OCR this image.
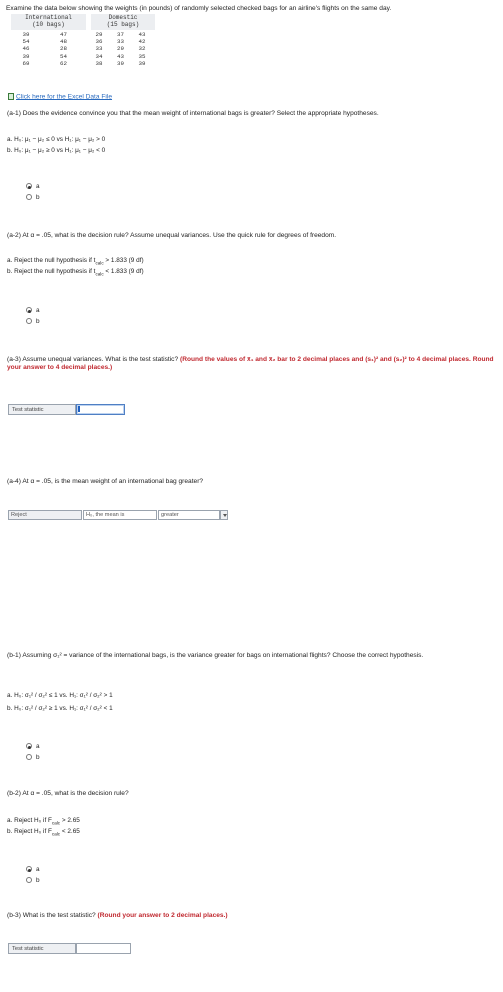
Examine the data below showing the weights (in pounds) of randomly selected checked bags for an airline's flights on the same day.
International
(10 bags)
Domestic
(15 bags)
39	47	29	37	43
54	48	36	33	42
46	28	33	29	32
39	54	34	43	35
69	62	38	39	39
Click here for the Excel Data File
(a-1) Does the evidence convince you that the mean weight of international bags is greater? Select the appropriate hypotheses.
a. H₀: μ₁ − μ₂ ≤ 0 vs H₁: μ₁ − μ₂ > 0
b. H₀: μ₁ − μ₂ ≥ 0 vs H₁: μ₁ − μ₂ < 0
a
b
(a-2) At α = .05, what is the decision rule? Assume unequal variances. Use the quick rule for degrees of freedom.
a. Reject the null hypothesis if $t_{calc} > 1.833$ (9 df)
b. Reject the null hypothesis if $t_{calc} < 1.833$ (9 df)
a
b
(a-3) Assume unequal variances. What is the test statistic? (Round the values of x̄₁ and x̄₂ bar to 2 decimal places and (s₁)² and (s₂)² to 4 decimal places. Round your answer to 4 decimal places.)
Test statistic
(a-4) At α = .05, is the mean weight of an international bag greater?
Reject	H₀, the mean is	greater
(b-1) Assuming σ₁² = variance of the international bags, is the variance greater for bags on international flights? Choose the correct hypothesis.
a. H₀: σ₁² / σ₂² ≤ 1 vs. H₁: σ₁² / σ₂² > 1
b. H₀: σ₁² / σ₂² ≥ 1 vs. H₁: σ₁² / σ₂² < 1
a
b
(b-2) At α = .05, what is the decision rule?
a. Reject H₀ if $F_{calc} > 2.65$
b. Reject H₀ if $F_{calc} < 2.65$
a
b
(b-3) What is the test statistic? (Round your answer to 2 decimal places.)
Test statistic
